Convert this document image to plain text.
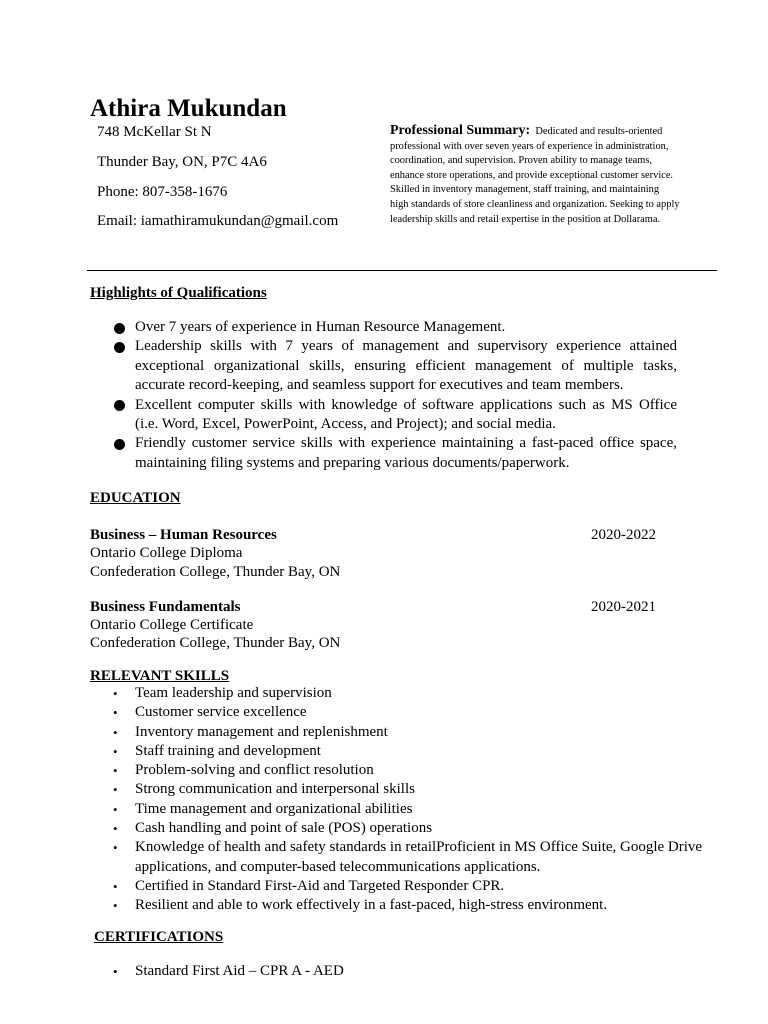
Athira Mukundan
748 McKellar St N
Thunder Bay, ON, P7C 4A6
Phone: 807-358-1676
Email: iamathiramukundan@gmail.com
Professional Summary: Dedicated and results-oriented professional with over seven years of experience in administration, coordination, and supervision. Proven ability to manage teams, enhance store operations, and provide exceptional customer service. Skilled in inventory management, staff training, and maintaining high standards of store cleanliness and organization. Seeking to apply leadership skills and retail expertise in the position at Dollarama.
Highlights of Qualifications
Over 7 years of experience in Human Resource Management.
Leadership skills with 7 years of management and supervisory experience attained exceptional organizational skills, ensuring efficient management of multiple tasks, accurate record-keeping, and seamless support for executives and team members.
Excellent computer skills with knowledge of software applications such as MS Office (i.e. Word, Excel, PowerPoint, Access, and Project); and social media.
Friendly customer service skills with experience maintaining a fast-paced office space, maintaining filing systems and preparing various documents/paperwork.
EDUCATION
Business – Human Resources	2020-2022
Ontario College Diploma
Confederation College, Thunder Bay, ON
Business Fundamentals	2020-2021
Ontario College Certificate
Confederation College, Thunder Bay, ON
RELEVANT SKILLS
• Team leadership and supervision
• Customer service excellence
• Inventory management and replenishment
• Staff training and development
• Problem-solving and conflict resolution
• Strong communication and interpersonal skills
• Time management and organizational abilities
• Cash handling and point of sale (POS) operations
• Knowledge of health and safety standards in retailProficient in MS Office Suite, Google Drive applications, and computer-based telecommunications applications.
• Certified in Standard First-Aid and Targeted Responder CPR.
• Resilient and able to work effectively in a fast-paced, high-stress environment.
CERTIFICATIONS
• Standard First Aid – CPR A - AED
